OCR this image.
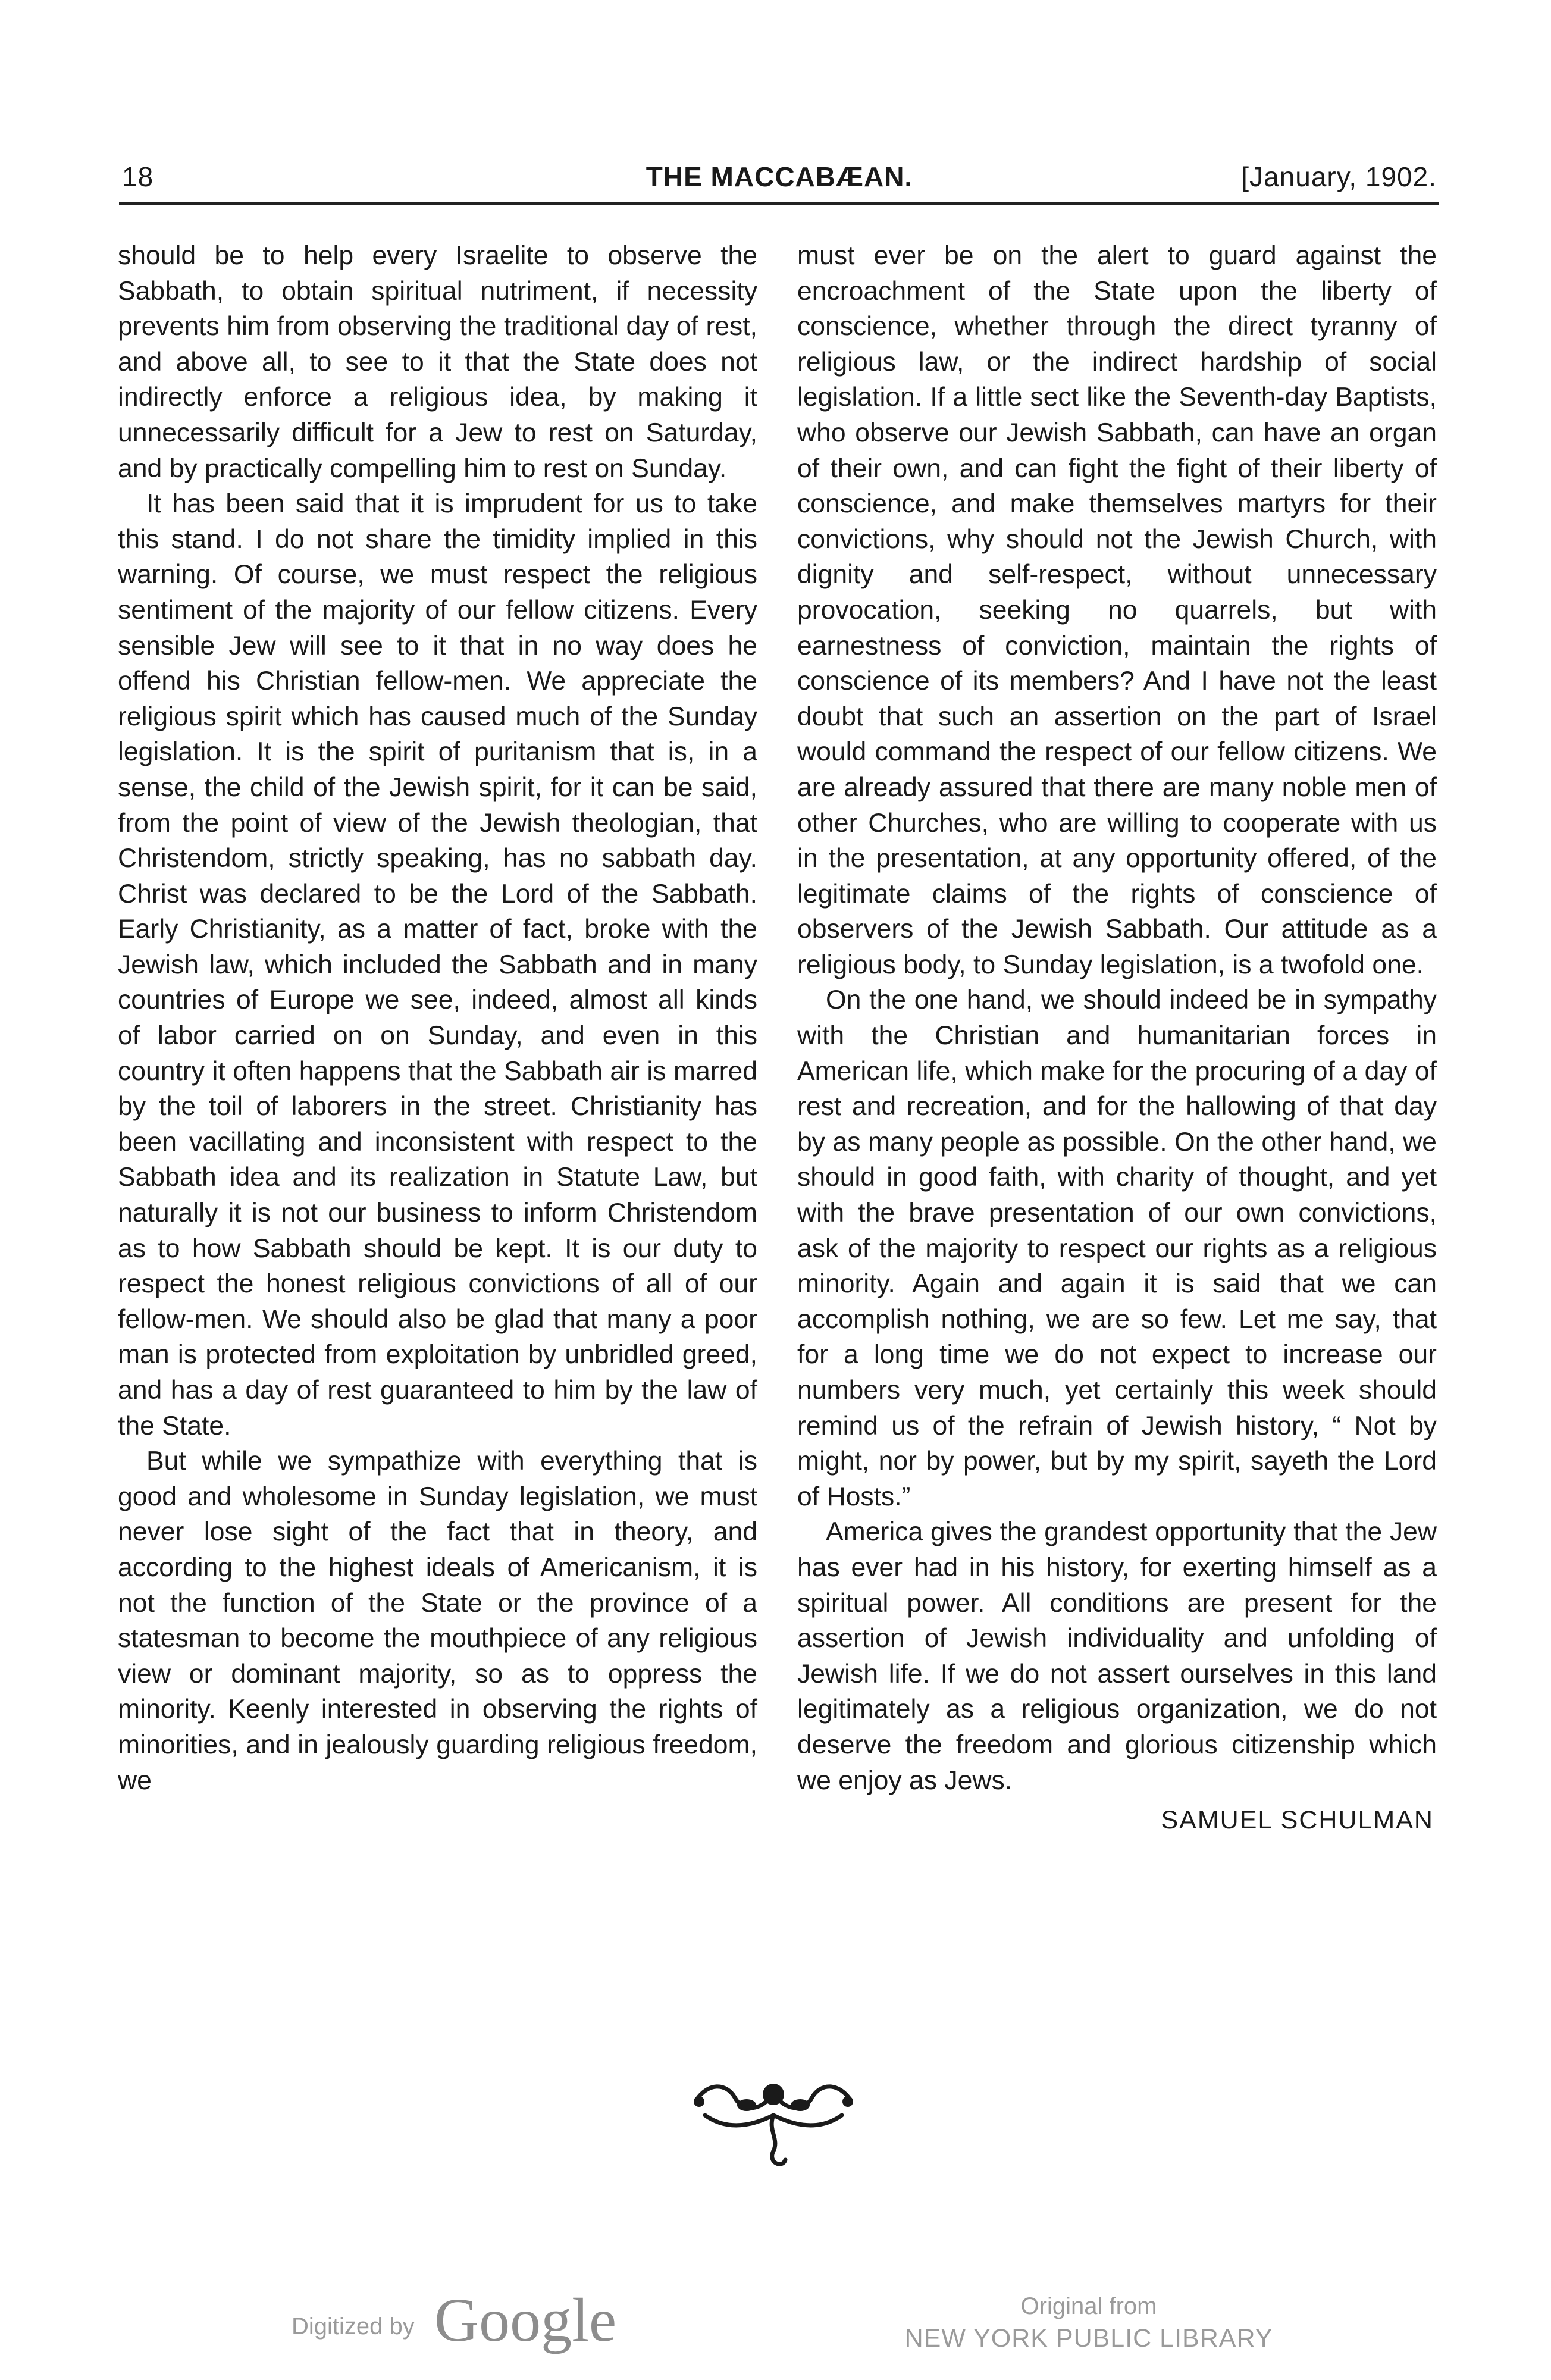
18	THE MACCABÆAN.	[January, 1902.

should be to help every Israelite to observe the Sabbath, to obtain spiritual nutriment, if necessity prevents him from observing the traditional day of rest, and above all, to see to it that the State does not indirectly enforce a religious idea, by making it unnecessarily difficult for a Jew to rest on Saturday, and by practically compelling him to rest on Sunday.

It has been said that it is imprudent for us to take this stand. I do not share the timidity implied in this warning. Of course, we must respect the religious sentiment of the majority of our fellow citizens. Every sensible Jew will see to it that in no way does he offend his Christian fellow-men. We appreciate the religious spirit which has caused much of the Sunday legislation. It is the spirit of puritanism that is, in a sense, the child of the Jewish spirit, for it can be said, from the point of view of the Jewish theologian, that Christendom, strictly speaking, has no sabbath day. Christ was declared to be the Lord of the Sabbath. Early Christianity, as a matter of fact, broke with the Jewish law, which included the Sabbath and in many countries of Europe we see, indeed, almost all kinds of labor carried on on Sunday, and even in this country it often happens that the Sabbath air is marred by the toil of laborers in the street. Christianity has been vacillating and inconsistent with respect to the Sabbath idea and its realization in Statute Law, but naturally it is not our business to inform Christendom as to how Sabbath should be kept. It is our duty to respect the honest religious convictions of all of our fellow-men. We should also be glad that many a poor man is protected from exploitation by unbridled greed, and has a day of rest guaranteed to him by the law of the State.

But while we sympathize with everything that is good and wholesome in Sunday legislation, we must never lose sight of the fact that in theory, and according to the highest ideals of Americanism, it is not the function of the State or the province of a statesman to become the mouthpiece of any religious view or dominant majority, so as to oppress the minority. Keenly interested in observing the rights of minorities, and in jealously guarding religious freedom, we

must ever be on the alert to guard against the encroachment of the State upon the liberty of conscience, whether through the direct tyranny of religious law, or the indirect hardship of social legislation. If a little sect like the Seventh-day Baptists, who observe our Jewish Sabbath, can have an organ of their own, and can fight the fight of their liberty of conscience, and make themselves martyrs for their convictions, why should not the Jewish Church, with dignity and self-respect, without unnecessary provocation, seeking no quarrels, but with earnestness of conviction, maintain the rights of conscience of its members? And I have not the least doubt that such an assertion on the part of Israel would command the respect of our fellow citizens. We are already assured that there are many noble men of other Churches, who are willing to cooperate with us in the presentation, at any opportunity offered, of the legitimate claims of the rights of conscience of observers of the Jewish Sabbath. Our attitude as a religious body, to Sunday legislation, is a twofold one.

On the one hand, we should indeed be in sympathy with the Christian and humanitarian forces in American life, which make for the procuring of a day of rest and recreation, and for the hallowing of that day by as many people as possible. On the other hand, we should in good faith, with charity of thought, and yet with the brave presentation of our own convictions, ask of the majority to respect our rights as a religious minority. Again and again it is said that we can accomplish nothing, we are so few. Let me say, that for a long time we do not expect to increase our numbers very much, yet certainly this week should remind us of the refrain of Jewish history, “ Not by might, nor by power, but by my spirit, sayeth the Lord of Hosts.”

America gives the grandest opportunity that the Jew has ever had in his history, for exerting himself as a spiritual power. All conditions are present for the assertion of Jewish individuality and unfolding of Jewish life. If we do not assert ourselves in this land legitimately as a religious organization, we do not deserve the freedom and glorious citizenship which we enjoy as Jews.

SAMUEL SCHULMAN
Digitized by Google	Original from
NEW YORK PUBLIC LIBRARY
